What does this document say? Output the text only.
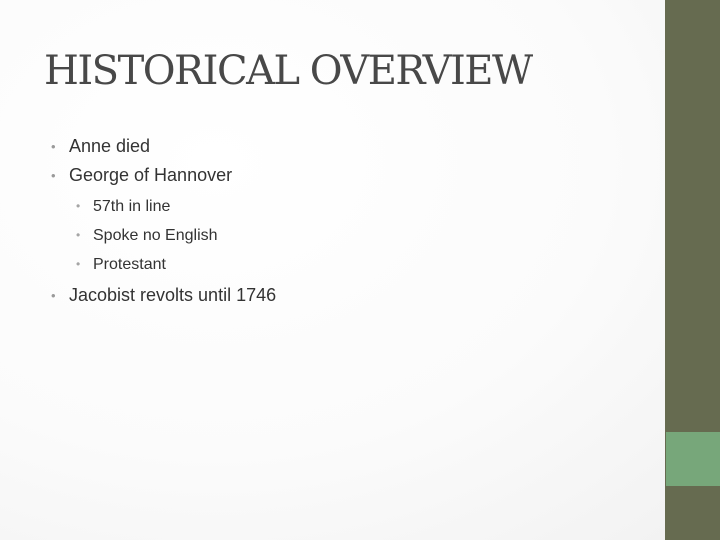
HISTORICAL OVERVIEW
• Anne died
• George of Hannover
• 57th in line
• Spoke no English
• Protestant
• Jacobist revolts until 1746
